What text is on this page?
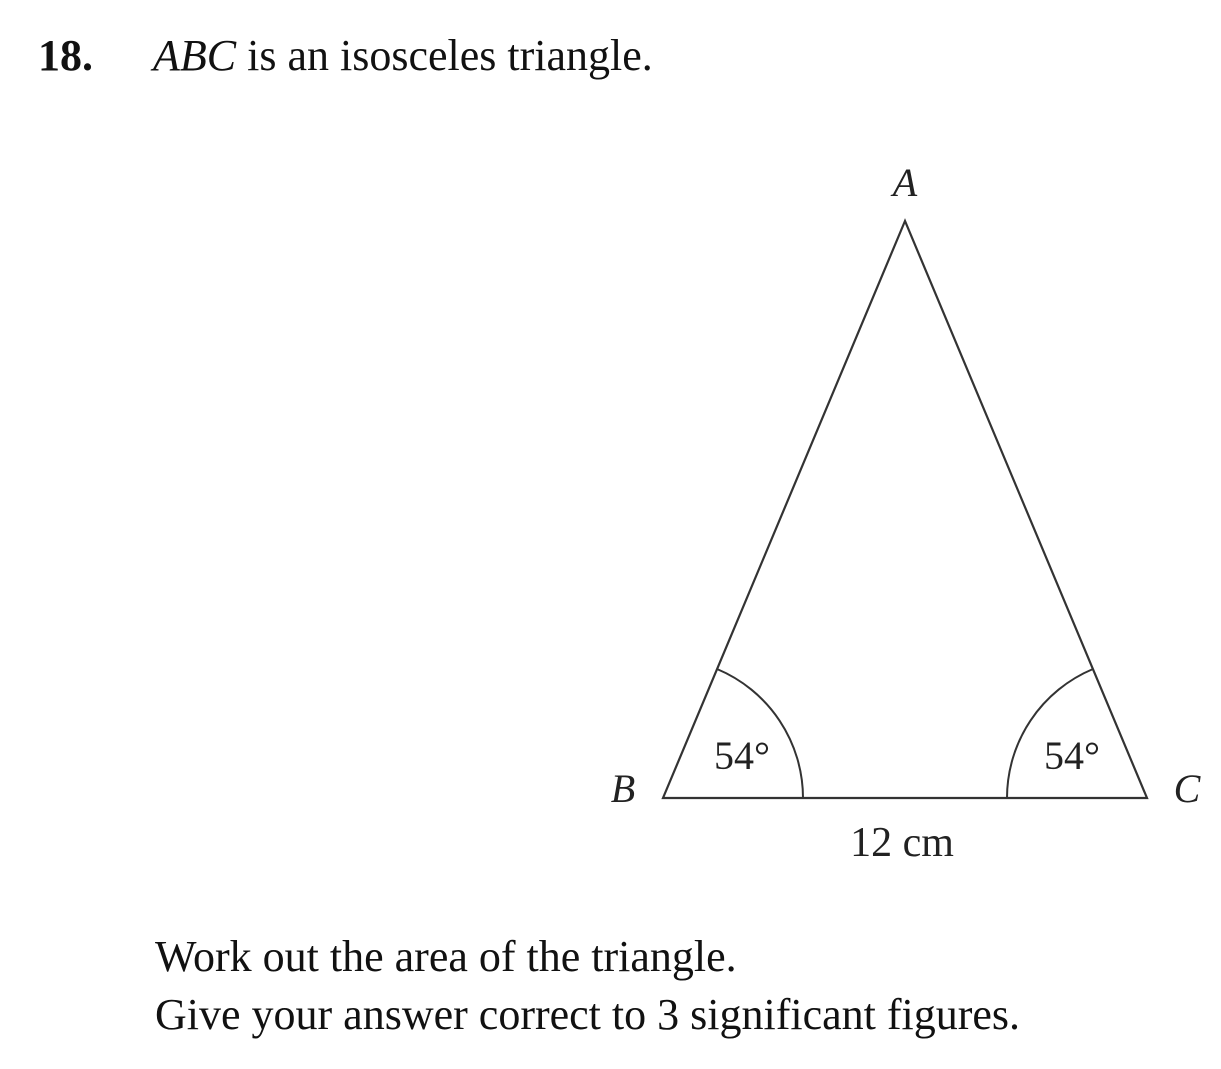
18. ABC is an isosceles triangle.
A
B	C
54°	54°
12 cm
Work out the area of the triangle.
Give your answer correct to 3 significant figures.
